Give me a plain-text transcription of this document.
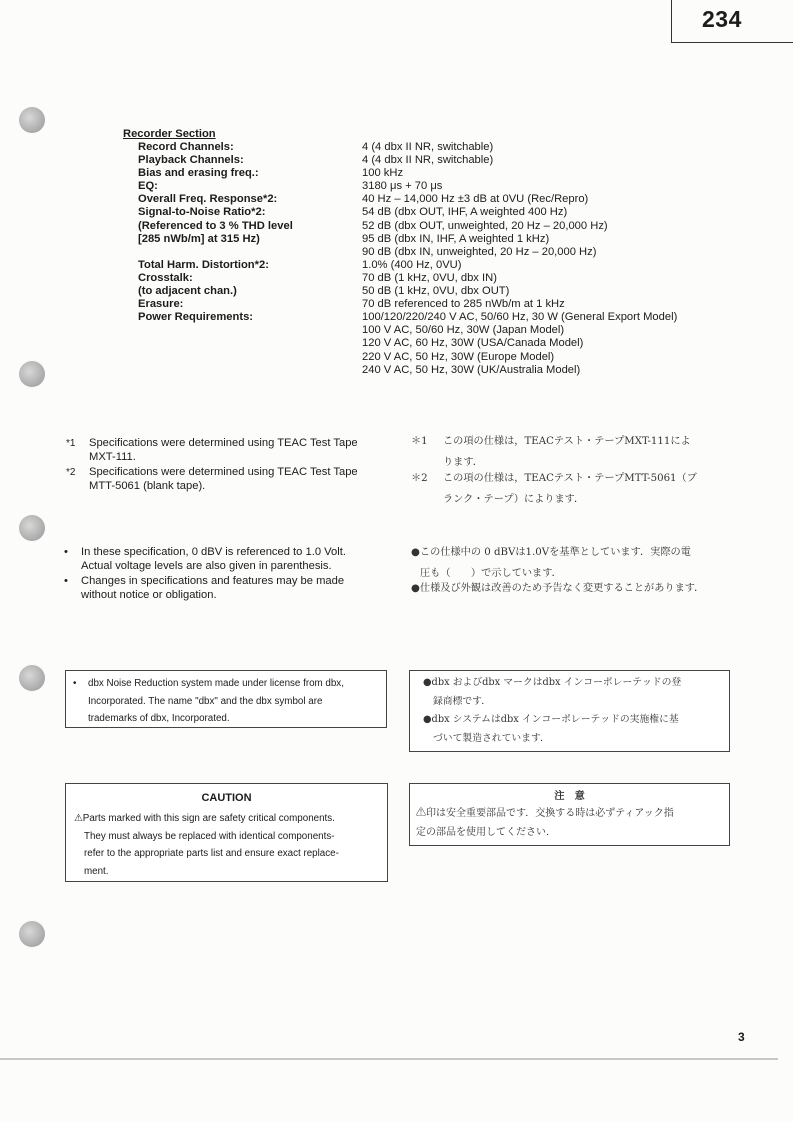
234
Recorder Section
Record Channels:
Playback Channels:
Bias and erasing freq.:
EQ:
Overall Freq. Response*2:
Signal-to-Noise Ratio*2:
(Referenced to 3 % THD level
[285 nWb/m] at 315 Hz)
Total Harm. Distortion*2:
Crosstalk:
(to adjacent chan.)
Erasure:
Power Requirements:
4 (4 dbx II NR, switchable)
4 (4 dbx II NR, switchable)
100 kHz
3180 μs + 70 μs
40 Hz – 14,000 Hz ±3 dB at 0VU (Rec/Repro)
54 dB (dbx OUT, IHF, A weighted 400 Hz)
52 dB (dbx OUT, unweighted, 20 Hz – 20,000 Hz)
95 dB (dbx IN, IHF, A weighted 1 kHz)
90 dB (dbx IN, unweighted, 20 Hz – 20,000 Hz)
1.0% (400 Hz, 0VU)
70 dB (1 kHz, 0VU, dbx IN)
50 dB (1 kHz, 0VU, dbx OUT)
70 dB referenced to 285 nWb/m at 1 kHz
100/120/220/240 V AC, 50/60 Hz, 30 W (General Export Model)
100 V AC, 50/60 Hz, 30W (Japan Model)
120 V AC, 60 Hz, 30W (USA/Canada Model)
220 V AC, 50 Hz, 30W (Europe Model)
240 V AC, 50 Hz, 30W (UK/Australia Model)
*1 Specifications were determined using TEAC Test Tape
MXT-111.
*2 Specifications were determined using TEAC Test Tape
MTT-5061 (blank tape).
＊1 この項の仕様は，TEACテスト・テープMXT-111によ
ります．
＊2 この項の仕様は，TEACテスト・テープMTT-5061（ブ
ランク・テープ）によります．
• In these specification, 0 dBV is referenced to 1.0 Volt.
Actual voltage levels are also given in parenthesis.
• Changes in specifications and features may be made
without notice or obligation.
●この仕様中の 0 dBVは1.0Vを基準としています．実際の電
圧も（　　）で示しています．
●仕様及び外観は改善のため予告なく変更することがあります．
• dbx Noise Reduction system made under license from dbx,
Incorporated. The name "dbx" and the dbx symbol are
trademarks of dbx, Incorporated.
●dbx およびdbx マークはdbx インコーポレーテッドの登
録商標です．
●dbx システムはdbx インコーポレーテッドの実施権に基
づいて製造されています．
CAUTION
⚠Parts marked with this sign are safety critical components.
They must always be replaced with identical components-
refer to the appropriate parts list and ensure exact replace-
ment.
注　意
⚠印は安全重要部品です．交換する時は必ずティアック指
定の部品を使用してください．
3
